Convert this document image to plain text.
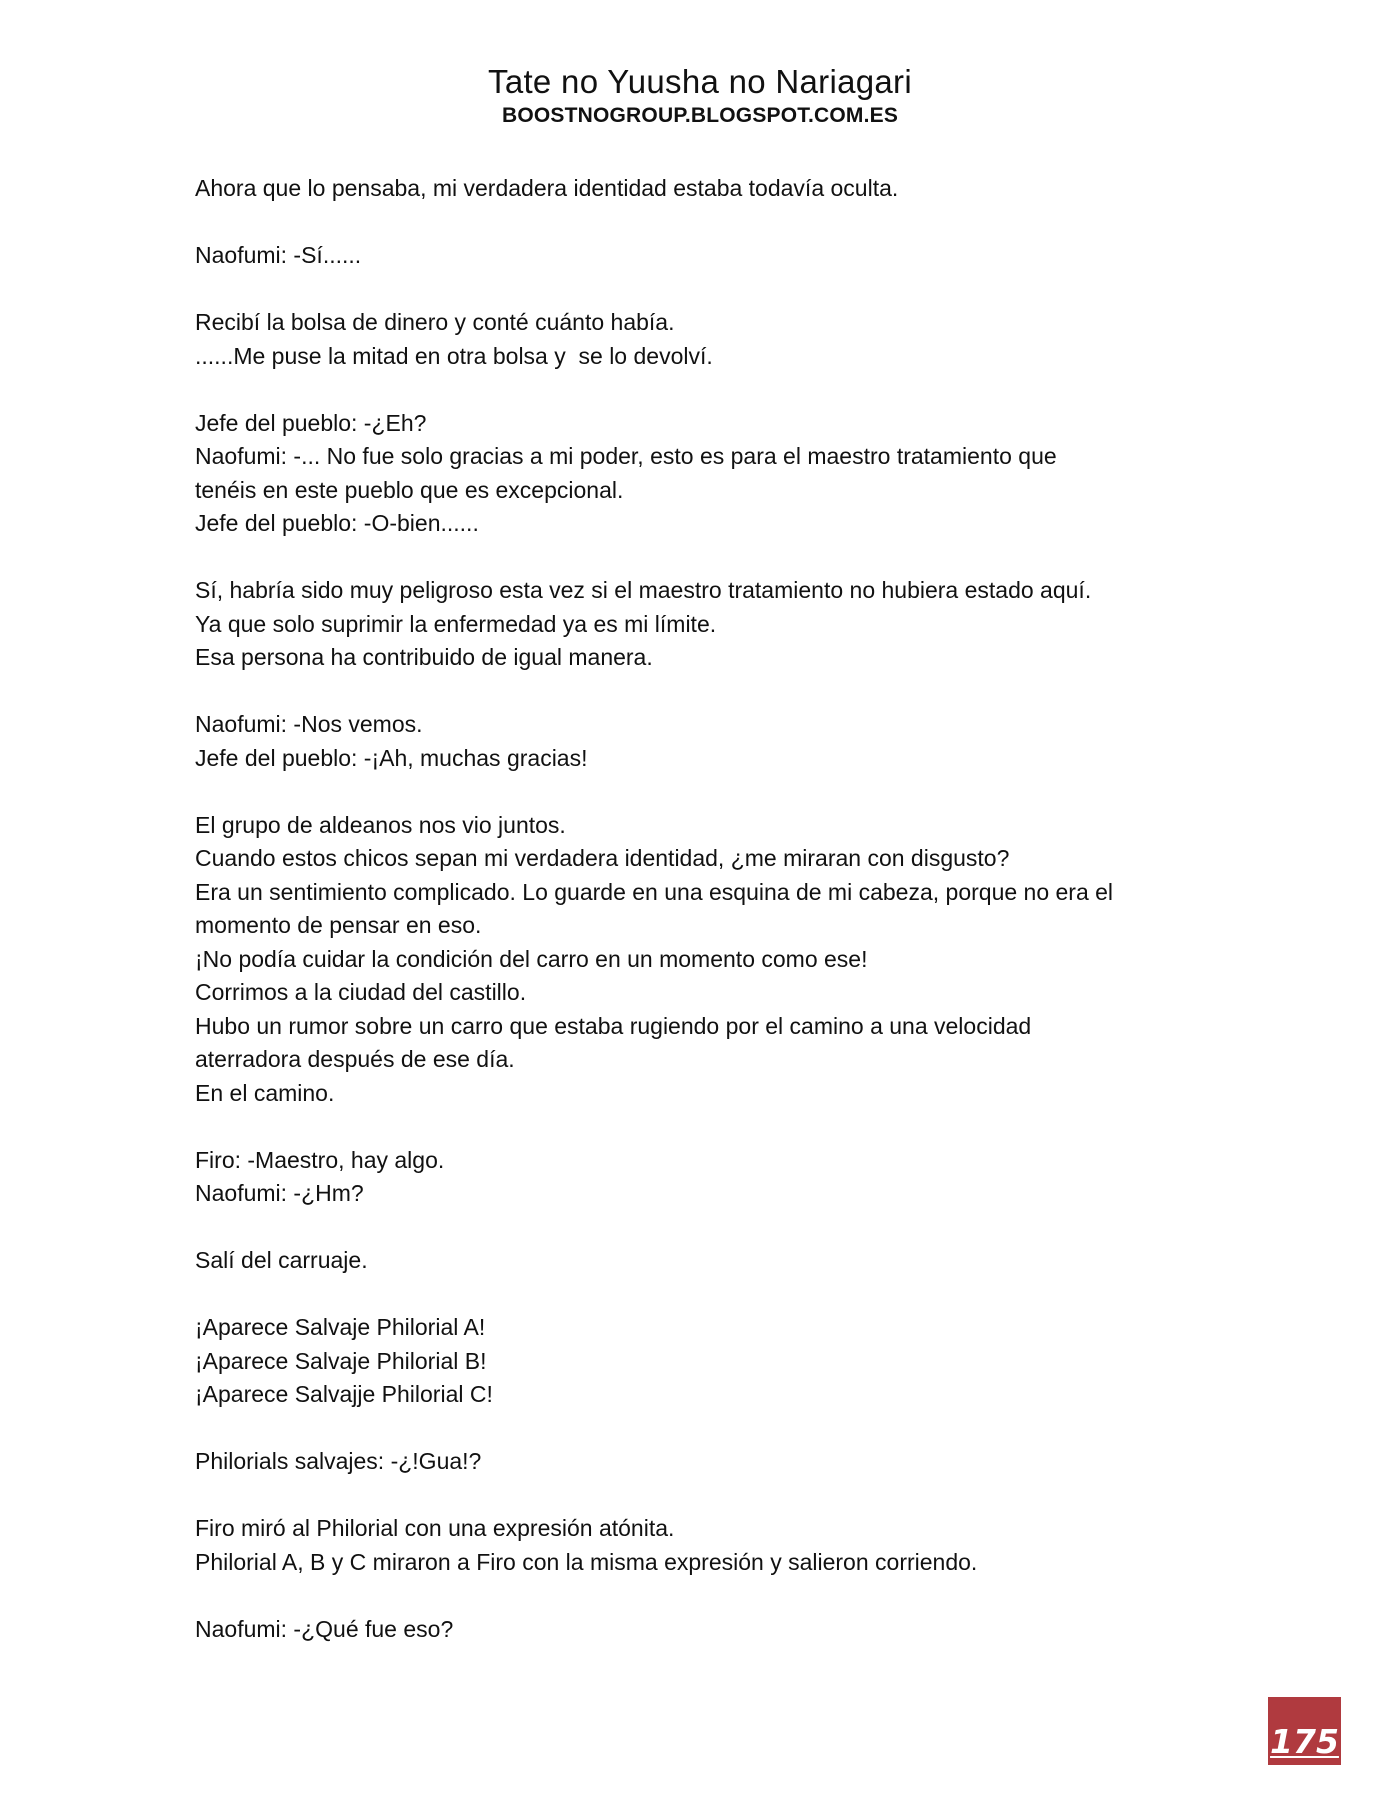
Tate no Yuusha no Nariagari
BOOSTNOGROUP.BLOGSPOT.COM.ES
Ahora que lo pensaba, mi verdadera identidad estaba todavía oculta.
Naofumi: -Sí......
Recibí la bolsa de dinero y conté cuánto había.
......Me puse la mitad en otra bolsa y  se lo devolví.
Jefe del pueblo: -¿Eh?
Naofumi: -... No fue solo gracias a mi poder, esto es para el maestro tratamiento que
tenéis en este pueblo que es excepcional.
Jefe del pueblo: -O-bien......
Sí, habría sido muy peligroso esta vez si el maestro tratamiento no hubiera estado aquí.
Ya que solo suprimir la enfermedad ya es mi límite.
Esa persona ha contribuido de igual manera.
Naofumi: -Nos vemos.
Jefe del pueblo: -¡Ah, muchas gracias!
El grupo de aldeanos nos vio juntos.
Cuando estos chicos sepan mi verdadera identidad, ¿me miraran con disgusto?
Era un sentimiento complicado. Lo guarde en una esquina de mi cabeza, porque no era el
momento de pensar en eso.
¡No podía cuidar la condición del carro en un momento como ese!
Corrimos a la ciudad del castillo.
Hubo un rumor sobre un carro que estaba rugiendo por el camino a una velocidad
aterradora después de ese día.
En el camino.
Firo: -Maestro, hay algo.
Naofumi: -¿Hm?
Salí del carruaje.
¡Aparece Salvaje Philorial A!
¡Aparece Salvaje Philorial B!
¡Aparece Salvajje Philorial C!
Philorials salvajes: -¿!Gua!?
Firo miró al Philorial con una expresión atónita.
Philorial A, B y C miraron a Firo con la misma expresión y salieron corriendo.
Naofumi: -¿Qué fue eso?
175
